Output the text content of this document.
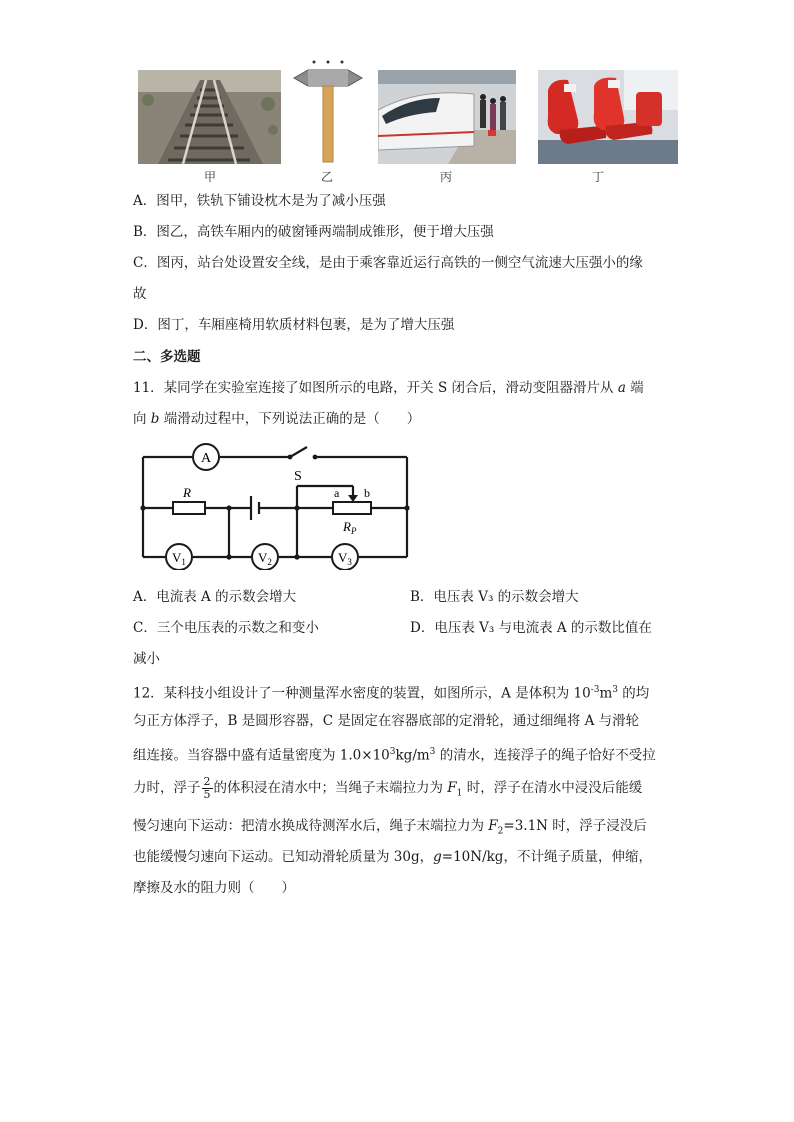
甲	乙	丙	丁
A．图甲，铁轨下铺设枕木是为了减小压强
B．图乙，高铁车厢内的破窗锤两端制成锥形，便于增大压强
C．图丙，站台处设置安全线，是由于乘客靠近运行高铁的一侧空气流速大压强小的缘
故
D．图丁，车厢座椅用软质材料包裹，是为了增大压强
二、多选题
11．某同学在实验室连接了如图所示的电路，开关 S 闭合后，滑动变阻器滑片从 a 端
向 b 端滑动过程中，下列说法正确的是（　　）
A
S
R	a b
$R_P$
$V_1$	$V_2$	$V_3$
A．电流表 A 的示数会增大	B．电压表 V₃ 的示数会增大
C．三个电压表的示数之和变小	D．电压表 V₃ 与电流表 A 的示数比值在
减小
12．某科技小组设计了一种测量浑水密度的装置，如图所示，A 是体积为 $10^{-3}m^3$ 的均
匀正方体浮子，B 是圆形容器，C 是固定在容器底部的定滑轮，通过细绳将 A 与滑轮
组连接。当容器中盛有适量密度为 $1.0\times 10^3kg/m^3$ 的清水，连接浮子的绳子恰好不受拉
力时，浮子 $\frac{2}{5}$ 的体积浸在清水中；当绳子末端拉力为 $F_1$ 时，浮子在清水中浸没后能缓
慢匀速向下运动：把清水换成待测浑水后，绳子末端拉力为 $F_2=3.1N$ 时，浮子浸没后
也能缓慢匀速向下运动。已知动滑轮质量为 30g，g=10N/kg，不计绳子质量，伸缩，
摩擦及水的阻力则（　　）
